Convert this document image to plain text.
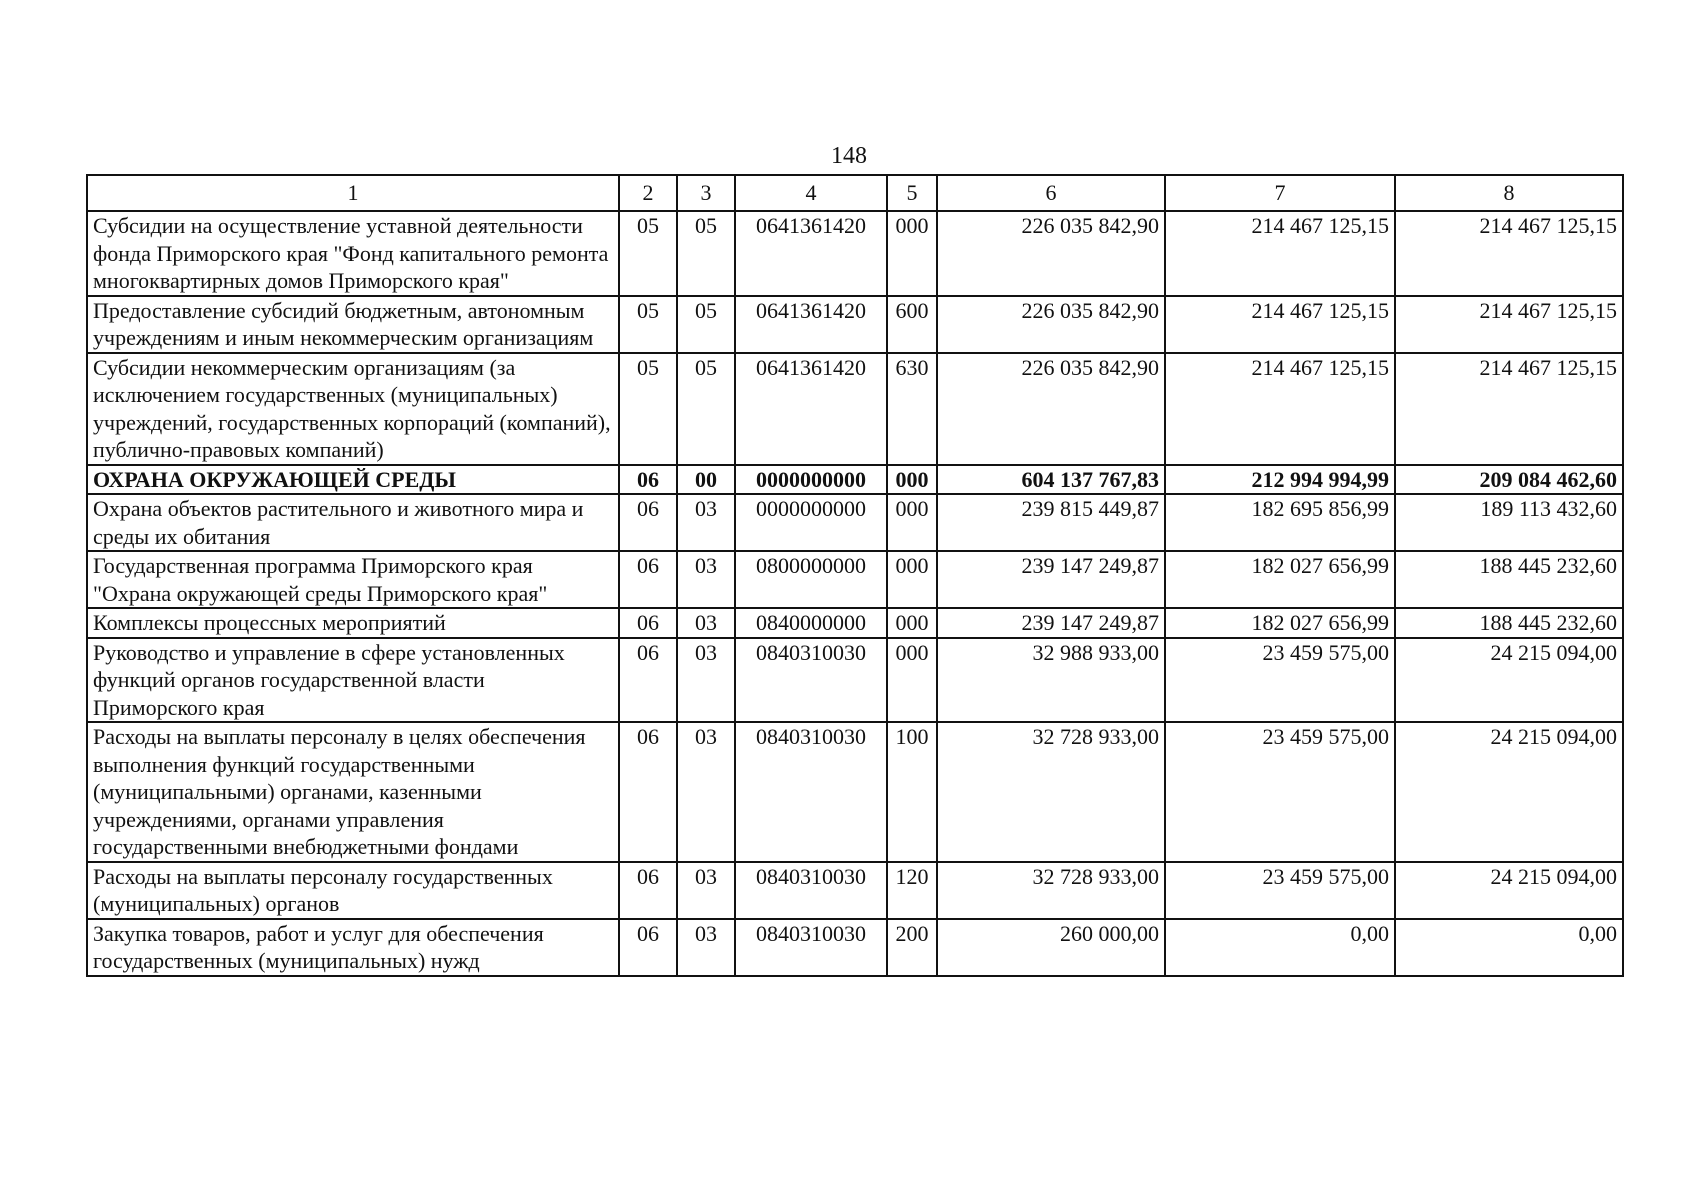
148
1	2	3	4	5	6	7	8
Субсидии на осуществление уставной деятельности фонда Приморского края "Фонд капитального ремонта многоквартирных домов Приморского края"	05	05	0641361420	000	226 035 842,90	214 467 125,15	214 467 125,15
Предоставление субсидий бюджетным, автономным учреждениям и иным некоммерческим организациям	05	05	0641361420	600	226 035 842,90	214 467 125,15	214 467 125,15
Субсидии некоммерческим организациям (за исключением государственных (муниципальных) учреждений, государственных корпораций (компаний), публично-правовых компаний)	05	05	0641361420	630	226 035 842,90	214 467 125,15	214 467 125,15
ОХРАНА ОКРУЖАЮЩЕЙ СРЕДЫ	06	00	0000000000	000	604 137 767,83	212 994 994,99	209 084 462,60
Охрана объектов растительного и животного мира и среды их обитания	06	03	0000000000	000	239 815 449,87	182 695 856,99	189 113 432,60
Государственная программа Приморского края "Охрана окружающей среды Приморского края"	06	03	0800000000	000	239 147 249,87	182 027 656,99	188 445 232,60
Комплексы процессных мероприятий	06	03	0840000000	000	239 147 249,87	182 027 656,99	188 445 232,60
Руководство и управление в сфере установленных функций органов государственной власти Приморского края	06	03	0840310030	000	32 988 933,00	23 459 575,00	24 215 094,00
Расходы на выплаты персоналу в целях обеспечения выполнения функций государственными (муниципальными) органами, казенными учреждениями, органами управления государственными внебюджетными фондами	06	03	0840310030	100	32 728 933,00	23 459 575,00	24 215 094,00
Расходы на выплаты персоналу государственных (муниципальных) органов	06	03	0840310030	120	32 728 933,00	23 459 575,00	24 215 094,00
Закупка товаров, работ и услуг для обеспечения государственных (муниципальных) нужд	06	03	0840310030	200	260 000,00	0,00	0,00
